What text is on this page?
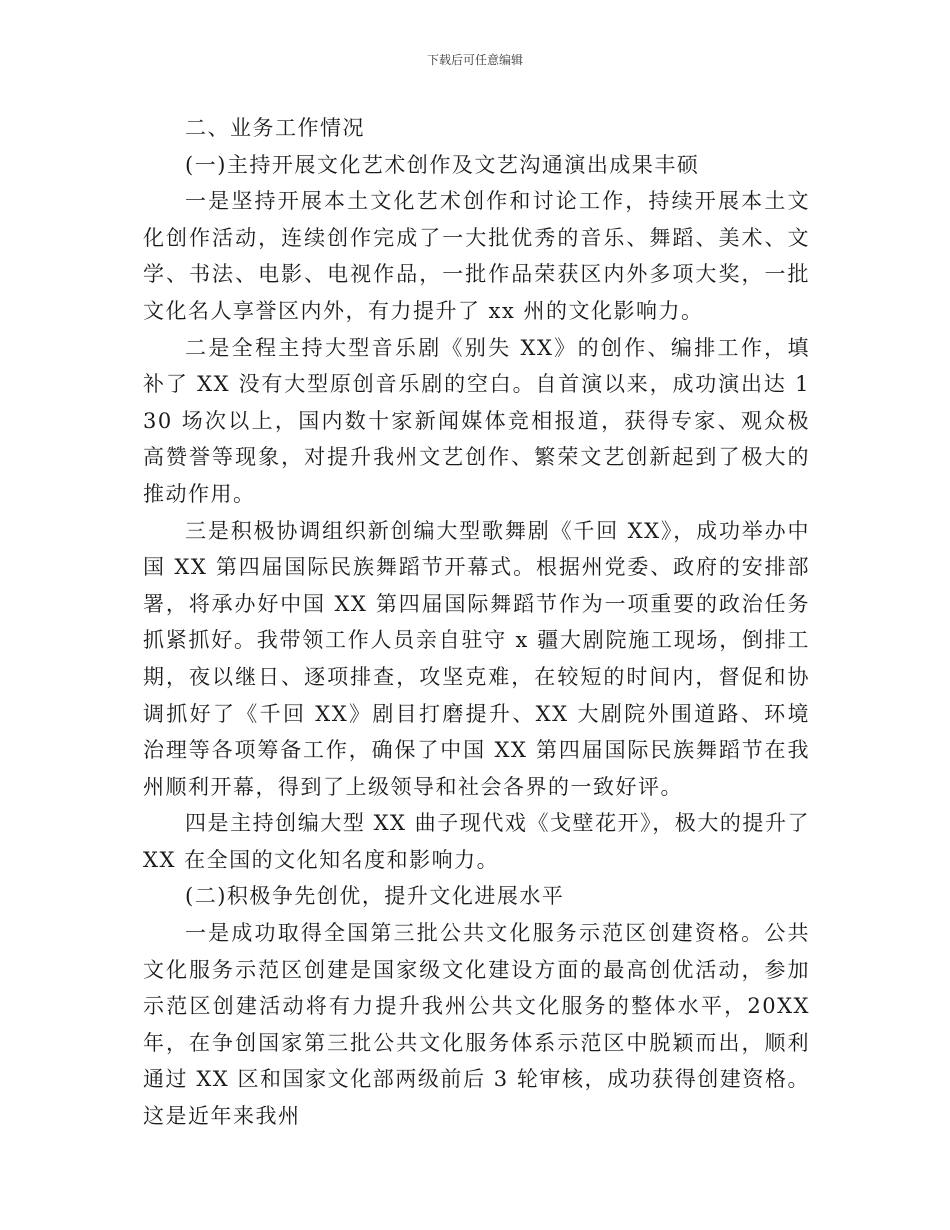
下载后可任意编辑

二、业务工作情况

(一)主持开展文化艺术创作及文艺沟通演出成果丰硕

一是坚持开展本土文化艺术创作和讨论工作，持续开展本土文化创作活动，连续创作完成了一大批优秀的音乐、舞蹈、美术、文学、书法、电影、电视作品，一批作品荣获区内外多项大奖，一批文化名人享誉区内外，有力提升了 xx 州的文化影响力。

二是全程主持大型音乐剧《别失 XX》的创作、编排工作，填补了 XX 没有大型原创音乐剧的空白。自首演以来，成功演出达 130 场次以上，国内数十家新闻媒体竞相报道，获得专家、观众极高赞誉等现象，对提升我州文艺创作、繁荣文艺创新起到了极大的推动作用。

三是积极协调组织新创编大型歌舞剧《千回 XX》，成功举办中国 XX 第四届国际民族舞蹈节开幕式。根据州党委、政府的安排部署，将承办好中国 XX 第四届国际舞蹈节作为一项重要的政治任务抓紧抓好。我带领工作人员亲自驻守 x 疆大剧院施工现场，倒排工期，夜以继日、逐项排查，攻坚克难，在较短的时间内，督促和协调抓好了《千回 XX》剧目打磨提升、XX 大剧院外围道路、环境治理等各项筹备工作，确保了中国 XX 第四届国际民族舞蹈节在我州顺利开幕，得到了上级领导和社会各界的一致好评。

四是主持创编大型 XX 曲子现代戏《戈壁花开》，极大的提升了 XX 在全国的文化知名度和影响力。

(二)积极争先创优，提升文化进展水平

一是成功取得全国第三批公共文化服务示范区创建资格。公共文化服务示范区创建是国家级文化建设方面的最高创优活动，参加示范区创建活动将有力提升我州公共文化服务的整体水平，20XX 年，在争创国家第三批公共文化服务体系示范区中脱颖而出，顺利通过 XX 区和国家文化部两级前后 3 轮审核，成功获得创建资格。这是近年来我州
